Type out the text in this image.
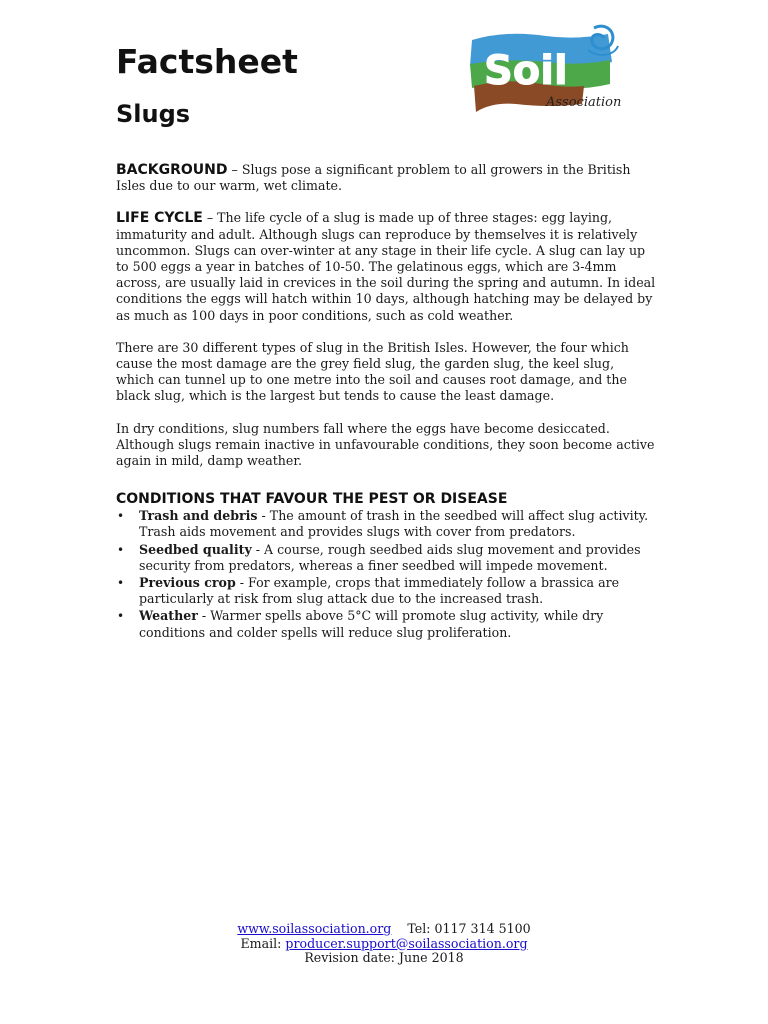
Factsheet
Slugs
Soil
Association

BACKGROUND – Slugs pose a significant problem to all growers in the British Isles due to our warm, wet climate.

LIFE CYCLE – The life cycle of a slug is made up of three stages: egg laying, immaturity and adult. Although slugs can reproduce by themselves it is relatively uncommon. Slugs can over-winter at any stage in their life cycle. A slug can lay up to 500 eggs a year in batches of 10-50. The gelatinous eggs, which are 3-4mm across, are usually laid in crevices in the soil during the spring and autumn. In ideal conditions the eggs will hatch within 10 days, although hatching may be delayed by as much as 100 days in poor conditions, such as cold weather.

There are 30 different types of slug in the British Isles. However, the four which cause the most damage are the grey field slug, the garden slug, the keel slug, which can tunnel up to one metre into the soil and causes root damage, and the black slug, which is the largest but tends to cause the least damage.

In dry conditions, slug numbers fall where the eggs have become desiccated. Although slugs remain inactive in unfavourable conditions, they soon become active again in mild, damp weather.

CONDITIONS THAT FAVOUR THE PEST OR DISEASE
• Trash and debris - The amount of trash in the seedbed will affect slug activity. Trash aids movement and provides slugs with cover from predators.
• Seedbed quality - A course, rough seedbed aids slug movement and provides security from predators, whereas a finer seedbed will impede movement.
• Previous crop - For example, crops that immediately follow a brassica are particularly at risk from slug attack due to the increased trash.
• Weather - Warmer spells above 5°C will promote slug activity, while dry conditions and colder spells will reduce slug proliferation.
www.soilassociation.org Tel: 0117 314 5100
Email: producer.support@soilassociation.org
Revision date: June 2018
